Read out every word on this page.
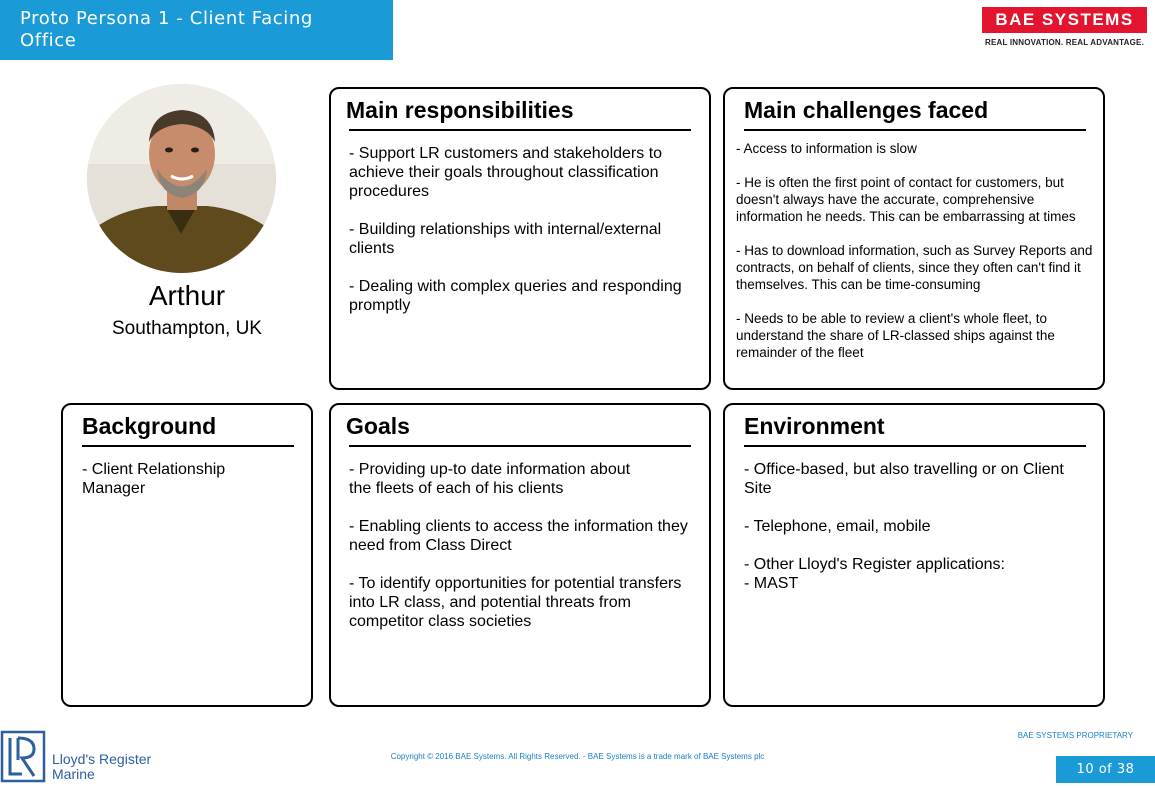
Proto Persona 1 - Client Facing Office
BAE SYSTEMS
REAL INNOVATION. REAL ADVANTAGE.
Arthur
Southampton, UK
Main responsibilities
- Support LR customers and stakeholders to achieve their goals throughout classification procedures

- Building relationships with internal/external clients

- Dealing with complex queries and responding promptly
Main challenges faced
- Access to information is slow

- He is often the first point of contact for customers, but doesn't always have the accurate, comprehensive information he needs. This can be embarrassing at times

- Has to download information, such as Survey Reports and contracts, on behalf of clients, since they often can't find it themselves. This can be time-consuming

- Needs to be able to review a client's whole fleet, to understand the share of LR-classed ships against the remainder of the fleet
Background
- Client Relationship Manager
Goals
- Providing up-to date information about
the fleets of each of his clients

- Enabling clients to access the information they need from Class Direct

- To identify opportunities for potential transfers into LR class, and potential threats from competitor class societies
Environment
- Office-based, but also travelling or on Client Site

- Telephone, email, mobile

- Other Lloyd's Register applications:
- MAST
Lloyd's Register
Marine
Copyright © 2016 BAE Systems. All Rights Reserved. - BAE Systems is a trade mark of BAE Systems plc
BAE SYSTEMS PROPRIETARY
10 of 38
